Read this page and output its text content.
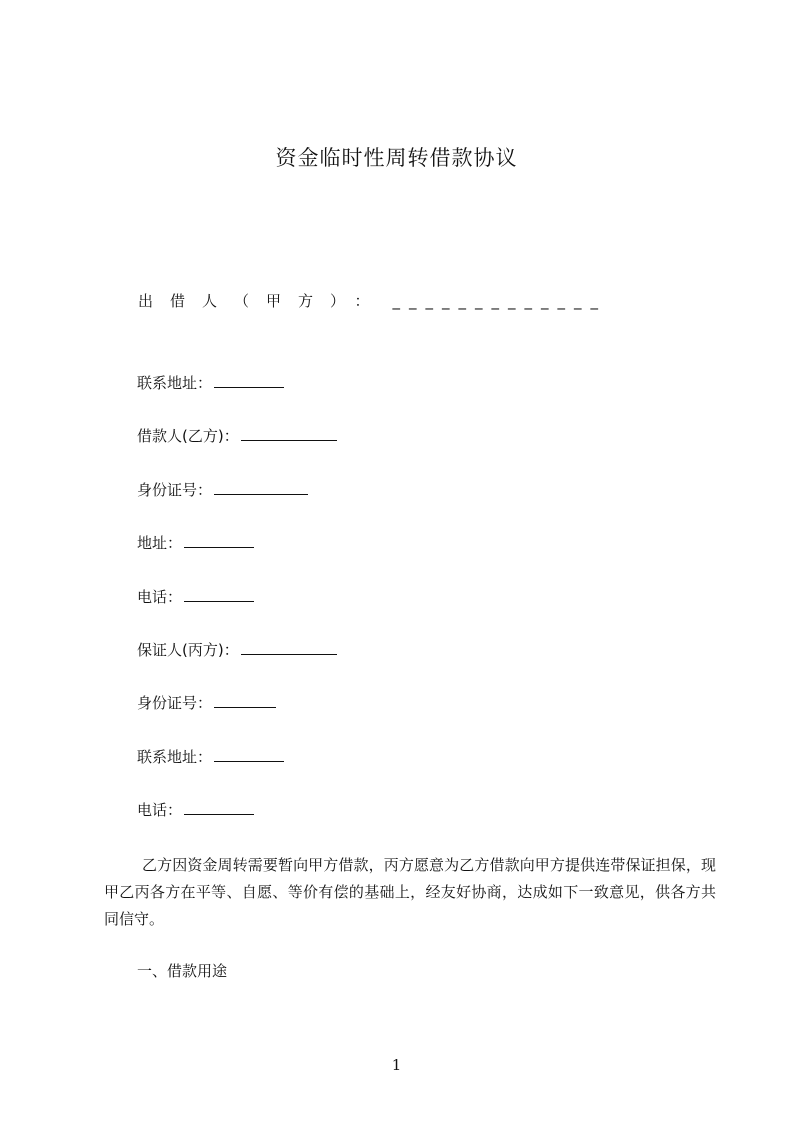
资金临时性周转借款协议
出借人（甲方）： _____________
联系地址：
借款人(乙方)：
身份证号：
地址：
电话：
保证人(丙方)：
身份证号：
联系地址：
电话：
乙方因资金周转需要暂向甲方借款，丙方愿意为乙方借款向甲方提供连带保证担保，现甲乙丙各方在平等、自愿、等价有偿的基础上，经友好协商，达成如下一致意见，供各方共同信守。
一、借款用途
1
